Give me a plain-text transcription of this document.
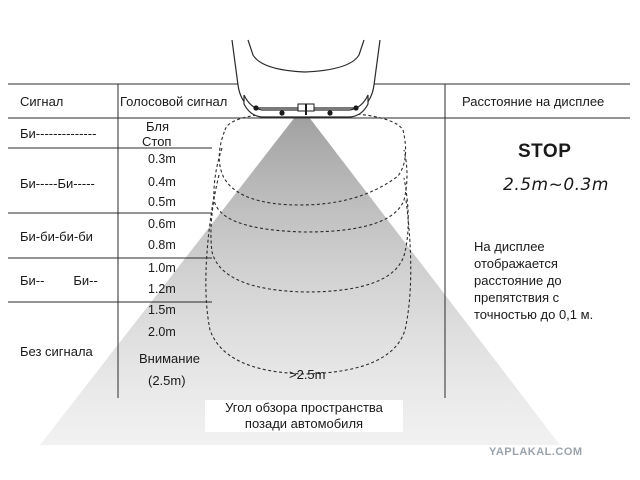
Сигнал	Голосовой сигнал	Расстояние на дисплее
Би--------------
Би-----Би-----
Би-би-би-би
Би--        Би--
Без сигнала
Бля
Стоп
0.3m
0.4m
0.5m
0.6m
0.8m
1.0m
1.2m
1.5m
2.0m
Внимание
(2.5m)
STOP
2.5m~0.3m
На дисплее отображается расстояние до препятствия с точностью до 0,1 м.
>2.5m
Угол обзора пространства
позади автомобиля
YAPLAKAL.COM
